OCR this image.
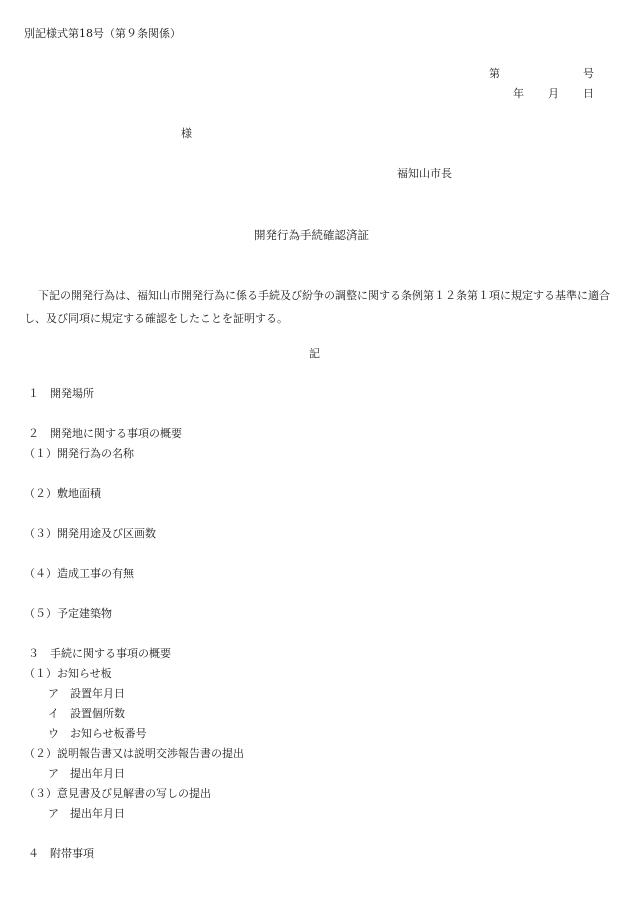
別記様式第18号（第９条関係）
第	号
年 月 日
様
福知山市長
開発行為手続確認済証
下記の開発行為は、福知山市開発行為に係る手続及び紛争の調整に関する条例第１２条第１項に規定する基準に適合し、及び同項に規定する確認をしたことを証明する。
記
１　開発場所
２　開発地に関する事項の概要
（１）開発行為の名称
（２）敷地面積
（３）開発用途及び区画数
（４）造成工事の有無
（５）予定建築物
３　手続に関する事項の概要
（１）お知らせ板
ア　設置年月日
イ　設置個所数
ウ　お知らせ板番号
（２）説明報告書又は説明交渉報告書の提出
ア　提出年月日
（３）意見書及び見解書の写しの提出
ア　提出年月日
４　附帯事項
